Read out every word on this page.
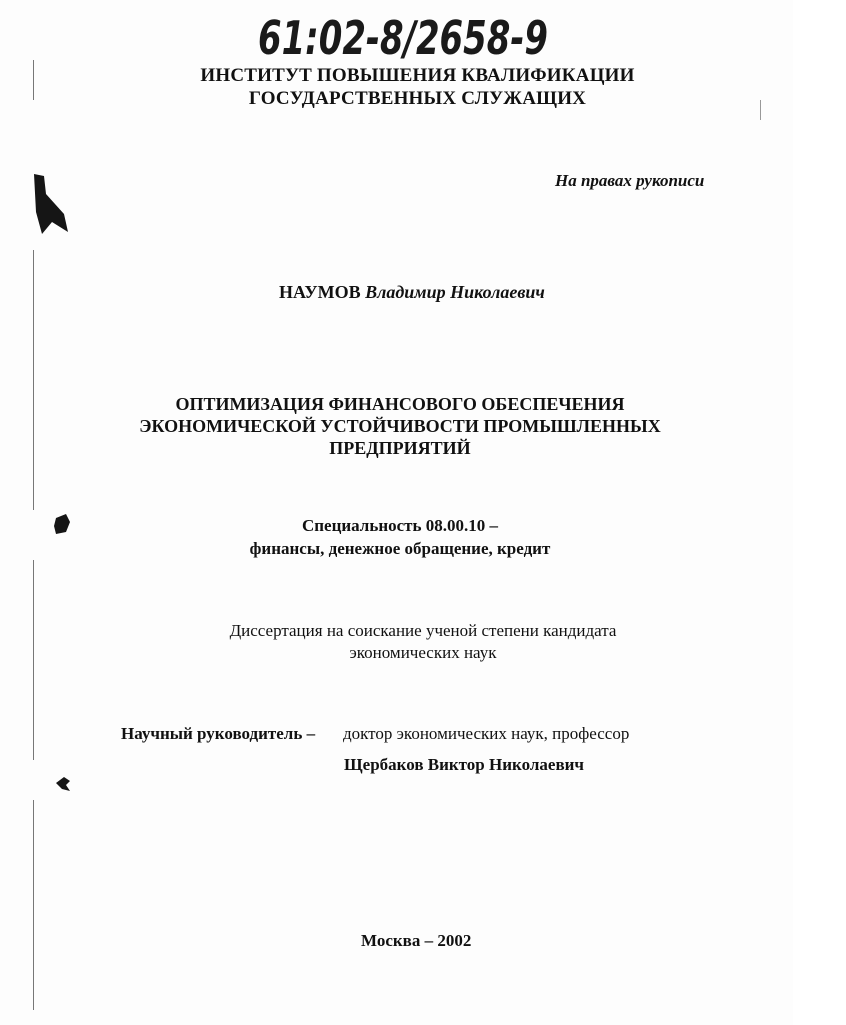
61:02-8/2658-9
ИНСТИТУТ ПОВЫШЕНИЯ КВАЛИФИКАЦИИ
ГОСУДАРСТВЕННЫХ СЛУЖАЩИХ
На правах рукописи
НАУМОВ Владимир Николаевич
ОПТИМИЗАЦИЯ ФИНАНСОВОГО ОБЕСПЕЧЕНИЯ
ЭКОНОМИЧЕСКОЙ УСТОЙЧИВОСТИ ПРОМЫШЛЕННЫХ
ПРЕДПРИЯТИЙ
Специальность 08.00.10 –
финансы, денежное обращение, кредит
Диссертация на соискание ученой степени кандидата
экономических наук
Научный руководитель – доктор экономических наук, профессор
Щербаков Виктор Николаевич
Москва – 2002
